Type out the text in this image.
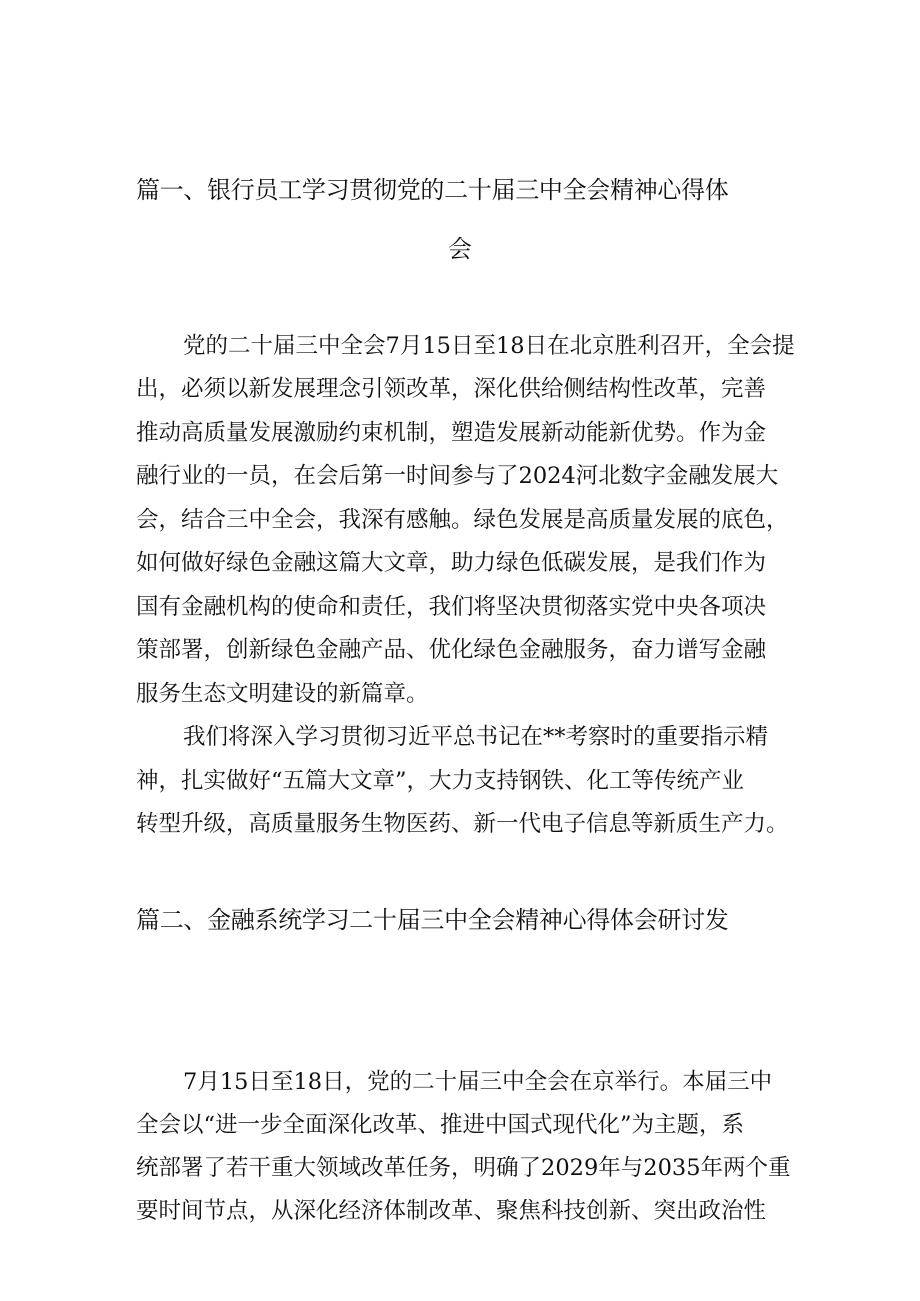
篇一、银行员工学习贯彻党的二十届三中全会精神心得体
会
党的二十届三中全会7月15日至18日在北京胜利召开，全会提
出，必须以新发展理念引领改革，深化供给侧结构性改革，完善
推动高质量发展激励约束机制，塑造发展新动能新优势。作为金
融行业的一员，在会后第一时间参与了2024河北数字金融发展大
会，结合三中全会，我深有感触。绿色发展是高质量发展的底色，
如何做好绿色金融这篇大文章，助力绿色低碳发展，是我们作为
国有金融机构的使命和责任，我们将坚决贯彻落实党中央各项决
策部署，创新绿色金融产品、优化绿色金融服务，奋力谱写金融
服务生态文明建设的新篇章。
我们将深入学习贯彻习近平总书记在**考察时的重要指示精
神，扎实做好“五篇大文章”，大力支持钢铁、化工等传统产业
转型升级，高质量服务生物医药、新一代电子信息等新质生产力。
篇二、金融系统学习二十届三中全会精神心得体会研讨发
7月15日至18日，党的二十届三中全会在京举行。本届三中
全会以“进一步全面深化改革、推进中国式现代化”为主题，系
统部署了若干重大领域改革任务，明确了2029年与2035年两个重
要时间节点，从深化经济体制改革、聚焦科技创新、突出政治性
